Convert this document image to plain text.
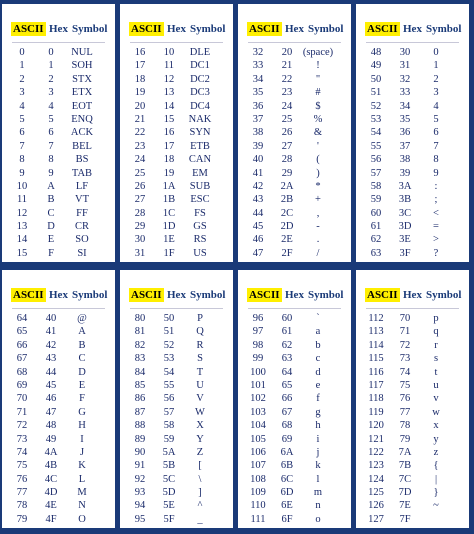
ASCII Hex Symbol
0	0	NUL
1	1	SOH
2	2	STX
3	3	ETX
4	4	EOT
5	5	ENQ
6	6	ACK
7	7	BEL
8	8	BS
9	9	TAB
10	A	LF
11	B	VT
12	C	FF
13	D	CR
14	E	SO
15	F	SI
ASCII Hex Symbol
16	10	DLE
17	11	DC1
18	12	DC2
19	13	DC3
20	14	DC4
21	15	NAK
22	16	SYN
23	17	ETB
24	18	CAN
25	19	EM
26	1A	SUB
27	1B	ESC
28	1C	FS
29	1D	GS
30	1E	RS
31	1F	US
ASCII Hex Symbol
32	20	(space)
33	21	!
34	22	"
35	23	#
36	24	$
37	25	%
38	26	&
39	27	'
40	28	(
41	29	)
42	2A	*
43	2B	+
44	2C	,
45	2D	-
46	2E	.
47	2F	/
ASCII Hex Symbol
48	30	0
49	31	1
50	32	2
51	33	3
52	34	4
53	35	5
54	36	6
55	37	7
56	38	8
57	39	9
58	3A	:
59	3B	;
60	3C	<
61	3D	=
62	3E	>
63	3F	?
ASCII Hex Symbol
64	40	@
65	41	A
66	42	B
67	43	C
68	44	D
69	45	E
70	46	F
71	47	G
72	48	H
73	49	I
74	4A	J
75	4B	K
76	4C	L
77	4D	M
78	4E	N
79	4F	O
ASCII Hex Symbol
80	50	P
81	51	Q
82	52	R
83	53	S
84	54	T
85	55	U
86	56	V
87	57	W
88	58	X
89	59	Y
90	5A	Z
91	5B	[
92	5C	\
93	5D	]
94	5E	^
95	5F	_
ASCII Hex Symbol
96	60	`
97	61	a
98	62	b
99	63	c
100	64	d
101	65	e
102	66	f
103	67	g
104	68	h
105	69	i
106	6A	j
107	6B	k
108	6C	l
109	6D	m
110	6E	n
111	6F	o
ASCII Hex Symbol
112	70	p
113	71	q
114	72	r
115	73	s
116	74	t
117	75	u
118	76	v
119	77	w
120	78	x
121	79	y
122	7A	z
123	7B	{
124	7C	|
125	7D	}
126	7E	~
127	7F
